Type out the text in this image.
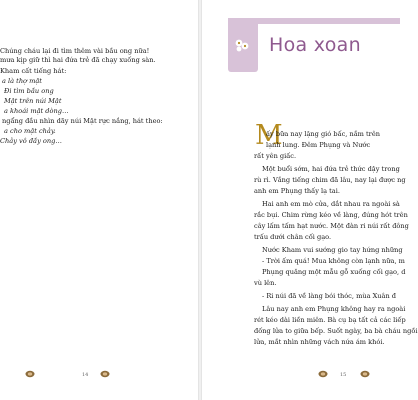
Chúng cháu lại đi tìm thêm vài bầu ong nữa!
mưa kịp giữ thì hai đứa trẻ đã chạy xuống sàn.
Kham cất tiếng hát:
a là thợ mật
Đi tìm bầu ong
Mật trên núi Mật
a khoái mật dòng…
ngẩng đầu nhìn dãy núi Mật rực nắng, hát theo:
a cho mật chảy.
Chảy vô đầy ong…
14
Hoa xoan
M
ấy bữa nay lặng gió bấc, nắm trên
lạnh lung. Đêm Phụng và Nước
rất yên giấc.
Một buổi sớm, hai đứa trẻ thức dậy trong
rù rì. Vắng tiếng chim đã lâu, nay lại được ng
anh em Phụng thấy lạ tai.
Hai anh em mò cửa, dắt nhau ra ngoài sà
rắc bụi. Chim rừng kéo về làng, đúng hót trên
cây lấm tấm hạt nước. Một đàn ri núi rất đông
trấu dưới chân cối gạo.
Nước Kham vui sướng gio tay hứng những
- Trời ấm quá! Mua không còn lạnh nữa, m
Phụng quăng một mẫu gỗ xuống cối gạo, d
vù lên.
- Ri núi đã về làng bói thóc, mùa Xuân đ
Lâu nay anh em Phụng không hay ra ngoài
rét kéo dài liền miên. Bà cụ bạ tất cả các liếp
đống lửa to giữa bếp. Suốt ngày, ba bà cháu ngồi
lửa, mắt nhìn những vách nứa ám khói.
15
